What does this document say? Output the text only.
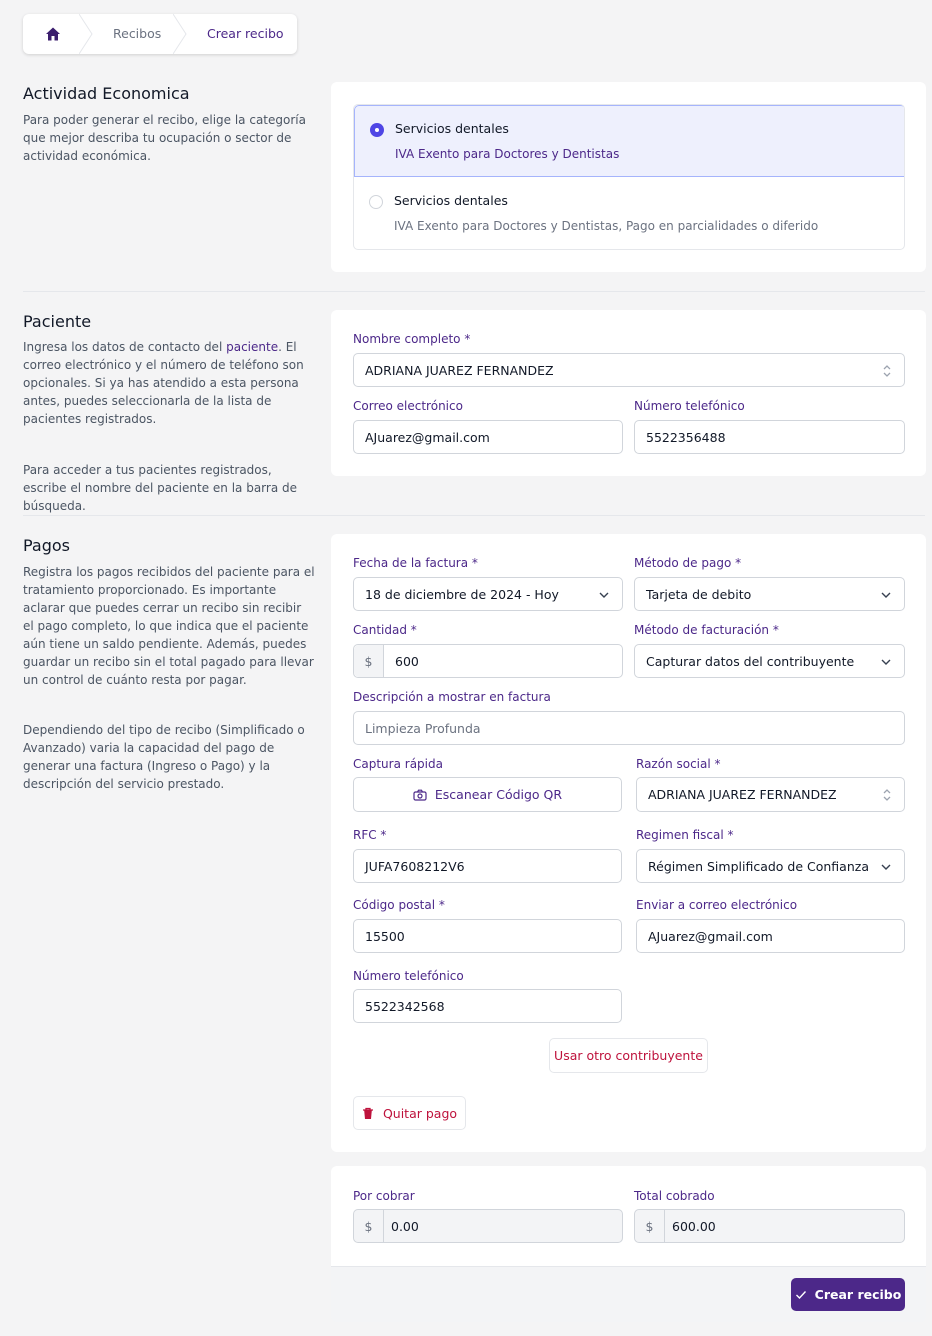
Recibos	Crear recibo
Actividad Economica
Para poder generar el recibo, elige la categoría que mejor describa tu ocupación o sector de actividad económica.
Servicios dentales
IVA Exento para Doctores y Dentistas
Servicios dentales
IVA Exento para Doctores y Dentistas, Pago en parcialidades o diferido
Paciente
Ingresa los datos de contacto del paciente. El correo electrónico y el número de teléfono son opcionales. Si ya has atendido a esta persona antes, puedes seleccionarla de la lista de pacientes registrados.
Para acceder a tus pacientes registrados, escribe el nombre del paciente en la barra de búsqueda.
Nombre completo *
ADRIANA JUAREZ FERNANDEZ
Correo electrónico
AJuarez@gmail.com
Número telefónico
5522356488
Pagos
Registra los pagos recibidos del paciente para el tratamiento proporcionado. Es importante aclarar que puedes cerrar un recibo sin recibir el pago completo, lo que indica que el paciente aún tiene un saldo pendiente. Además, puedes guardar un recibo sin el total pagado para llevar un control de cuánto resta por pagar.
Dependiendo del tipo de recibo (Simplificado o Avanzado) varia la capacidad del pago de generar una factura (Ingreso o Pago) y la descripción del servicio prestado.
Fecha de la factura *
18 de diciembre de 2024 - Hoy
Método de pago *
Tarjeta de debito
Cantidad *
$	600
Método de facturación *
Capturar datos del contribuyente
Descripción a mostrar en factura
Limpieza Profunda
Captura rápida
Escanear Código QR
Razón social *
ADRIANA JUAREZ FERNANDEZ
RFC *
JUFA7608212V6
Regimen fiscal *
Régimen Simplificado de Confianza
Código postal *
15500
Enviar a correo electrónico
AJuarez@gmail.com
Número telefónico
5522342568
Usar otro contribuyente
Quitar pago
Por cobrar
$	0.00
Total cobrado
$	600.00
Crear recibo
